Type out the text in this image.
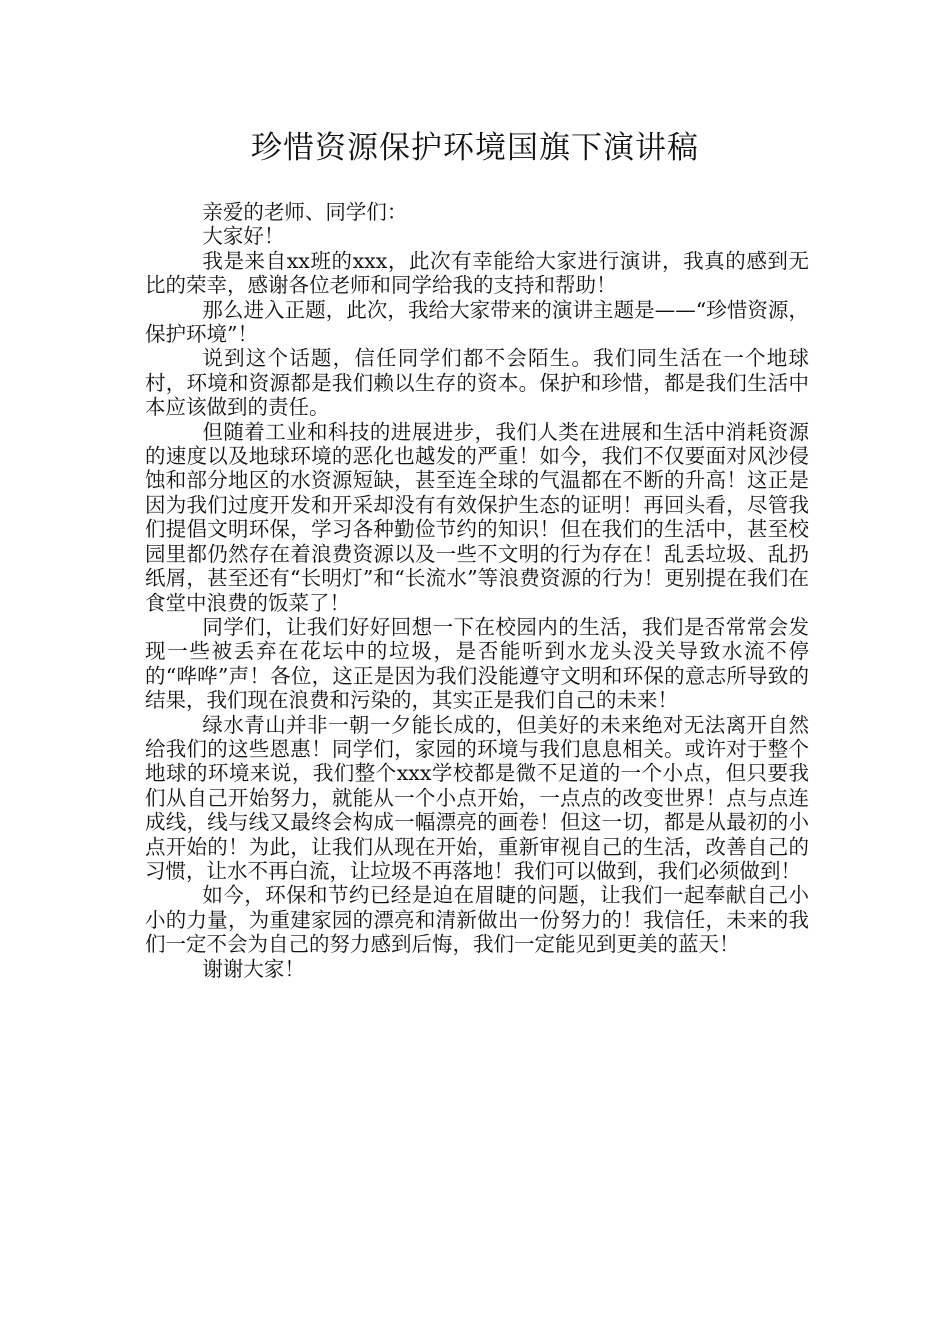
珍惜资源保护环境国旗下演讲稿

亲爱的老师、同学们：

大家好！

我是来自xx班的xxx，此次有幸能给大家进行演讲，我真的感到无比的荣幸，感谢各位老师和同学给我的支持和帮助！

那么进入正题，此次，我给大家带来的演讲主题是——“珍惜资源，保护环境”！

说到这个话题，信任同学们都不会陌生。我们同生活在一个地球村，环境和资源都是我们赖以生存的资本。保护和珍惜，都是我们生活中本应该做到的责任。

但随着工业和科技的进展进步，我们人类在进展和生活中消耗资源的速度以及地球环境的恶化也越发的严重！如今，我们不仅要面对风沙侵蚀和部分地区的水资源短缺，甚至连全球的气温都在不断的升高！这正是因为我们过度开发和开采却没有有效保护生态的证明！再回头看，尽管我们提倡文明环保，学习各种勤俭节约的知识！但在我们的生活中，甚至校园里都仍然存在着浪费资源以及一些不文明的行为存在！乱丢垃圾、乱扔纸屑，甚至还有“长明灯”和“长流水”等浪费资源的行为！更别提在我们在食堂中浪费的饭菜了！

同学们，让我们好好回想一下在校园内的生活，我们是否常常会发现一些被丢弃在花坛中的垃圾，是否能听到水龙头没关导致水流不停的“哗哗”声！各位，这正是因为我们没能遵守文明和环保的意志所导致的结果，我们现在浪费和污染的，其实正是我们自己的未来！

绿水青山并非一朝一夕能长成的，但美好的未来绝对无法离开自然给我们的这些恩惠！同学们，家园的环境与我们息息相关。或许对于整个地球的环境来说，我们整个xxx学校都是微不足道的一个小点，但只要我们从自己开始努力，就能从一个小点开始，一点点的改变世界！点与点连成线，线与线又最终会构成一幅漂亮的画卷！但这一切，都是从最初的小点开始的！为此，让我们从现在开始，重新审视自己的生活，改善自己的习惯，让水不再白流，让垃圾不再落地！我们可以做到，我们必须做到！

如今，环保和节约已经是迫在眉睫的问题，让我们一起奉献自己小小的力量，为重建家园的漂亮和清新做出一份努力的！我信任，未来的我们一定不会为自己的努力感到后悔，我们一定能见到更美的蓝天！

谢谢大家！
